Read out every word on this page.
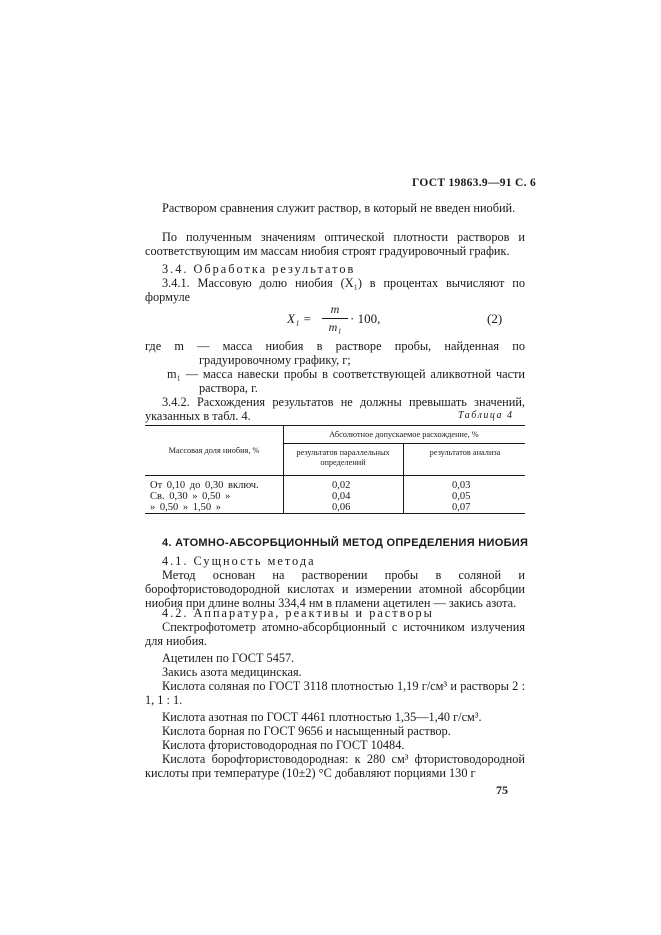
ГОСТ 19863.9—91 С. 6
Раствором сравнения служит раствор, в который не введен ниобий.
По полученным значениям оптической плотности растворов и соответствующим им массам ниобия строят градуировочный график.
3.4. Обработка результатов
3.4.1. Массовую долю ниобия (X₁) в процентах вычисляют по формуле
X₁ =
m
m₁
· 100,	(2)
где m — масса ниобия в растворе пробы, найденная по градуировочному графику, г;
m₁ — масса навески пробы в соответствующей аликвотной части раствора, г.
3.4.2. Расхождения результатов не должны превышать значений, указанных в табл. 4.	Таблица 4
Массовая доля ниобия, %
Абсолютное допускаемое расхождение, %
результатов параллельных определений
результатов анализа
От 0,10 до 0,30 включ.	0,02	0,03
Св. 0,30 » 0,50 »	0,04	0,05
» 0,50 » 1,50 »	0,06	0,07
4. АТОМНО-АБСОРБЦИОННЫЙ МЕТОД ОПРЕДЕЛЕНИЯ НИОБИЯ
4.1. Сущность метода
Метод основан на растворении пробы в соляной и борофтористоводородной кислотах и измерении атомной абсорбции ниобия при длине волны 334,4 нм в пламени ацетилен — закись азота.
4.2. Аппаратура, реактивы и растворы
Спектрофотометр атомно-абсорбционный с источником излучения для ниобия.
Ацетилен по ГОСТ 5457.
Закись азота медицинская.
Кислота соляная по ГОСТ 3118 плотностью 1,19 г/см³ и растворы 2 : 1, 1 : 1.
Кислота азотная по ГОСТ 4461 плотностью 1,35—1,40 г/см³.
Кислота борная по ГОСТ 9656 и насыщенный раствор.
Кислота фтористоводородная по ГОСТ 10484.
Кислота борофтористоводородная: к 280 см³ фтористоводородной кислоты при температуре (10±2) °С добавляют порциями 130 г
75
